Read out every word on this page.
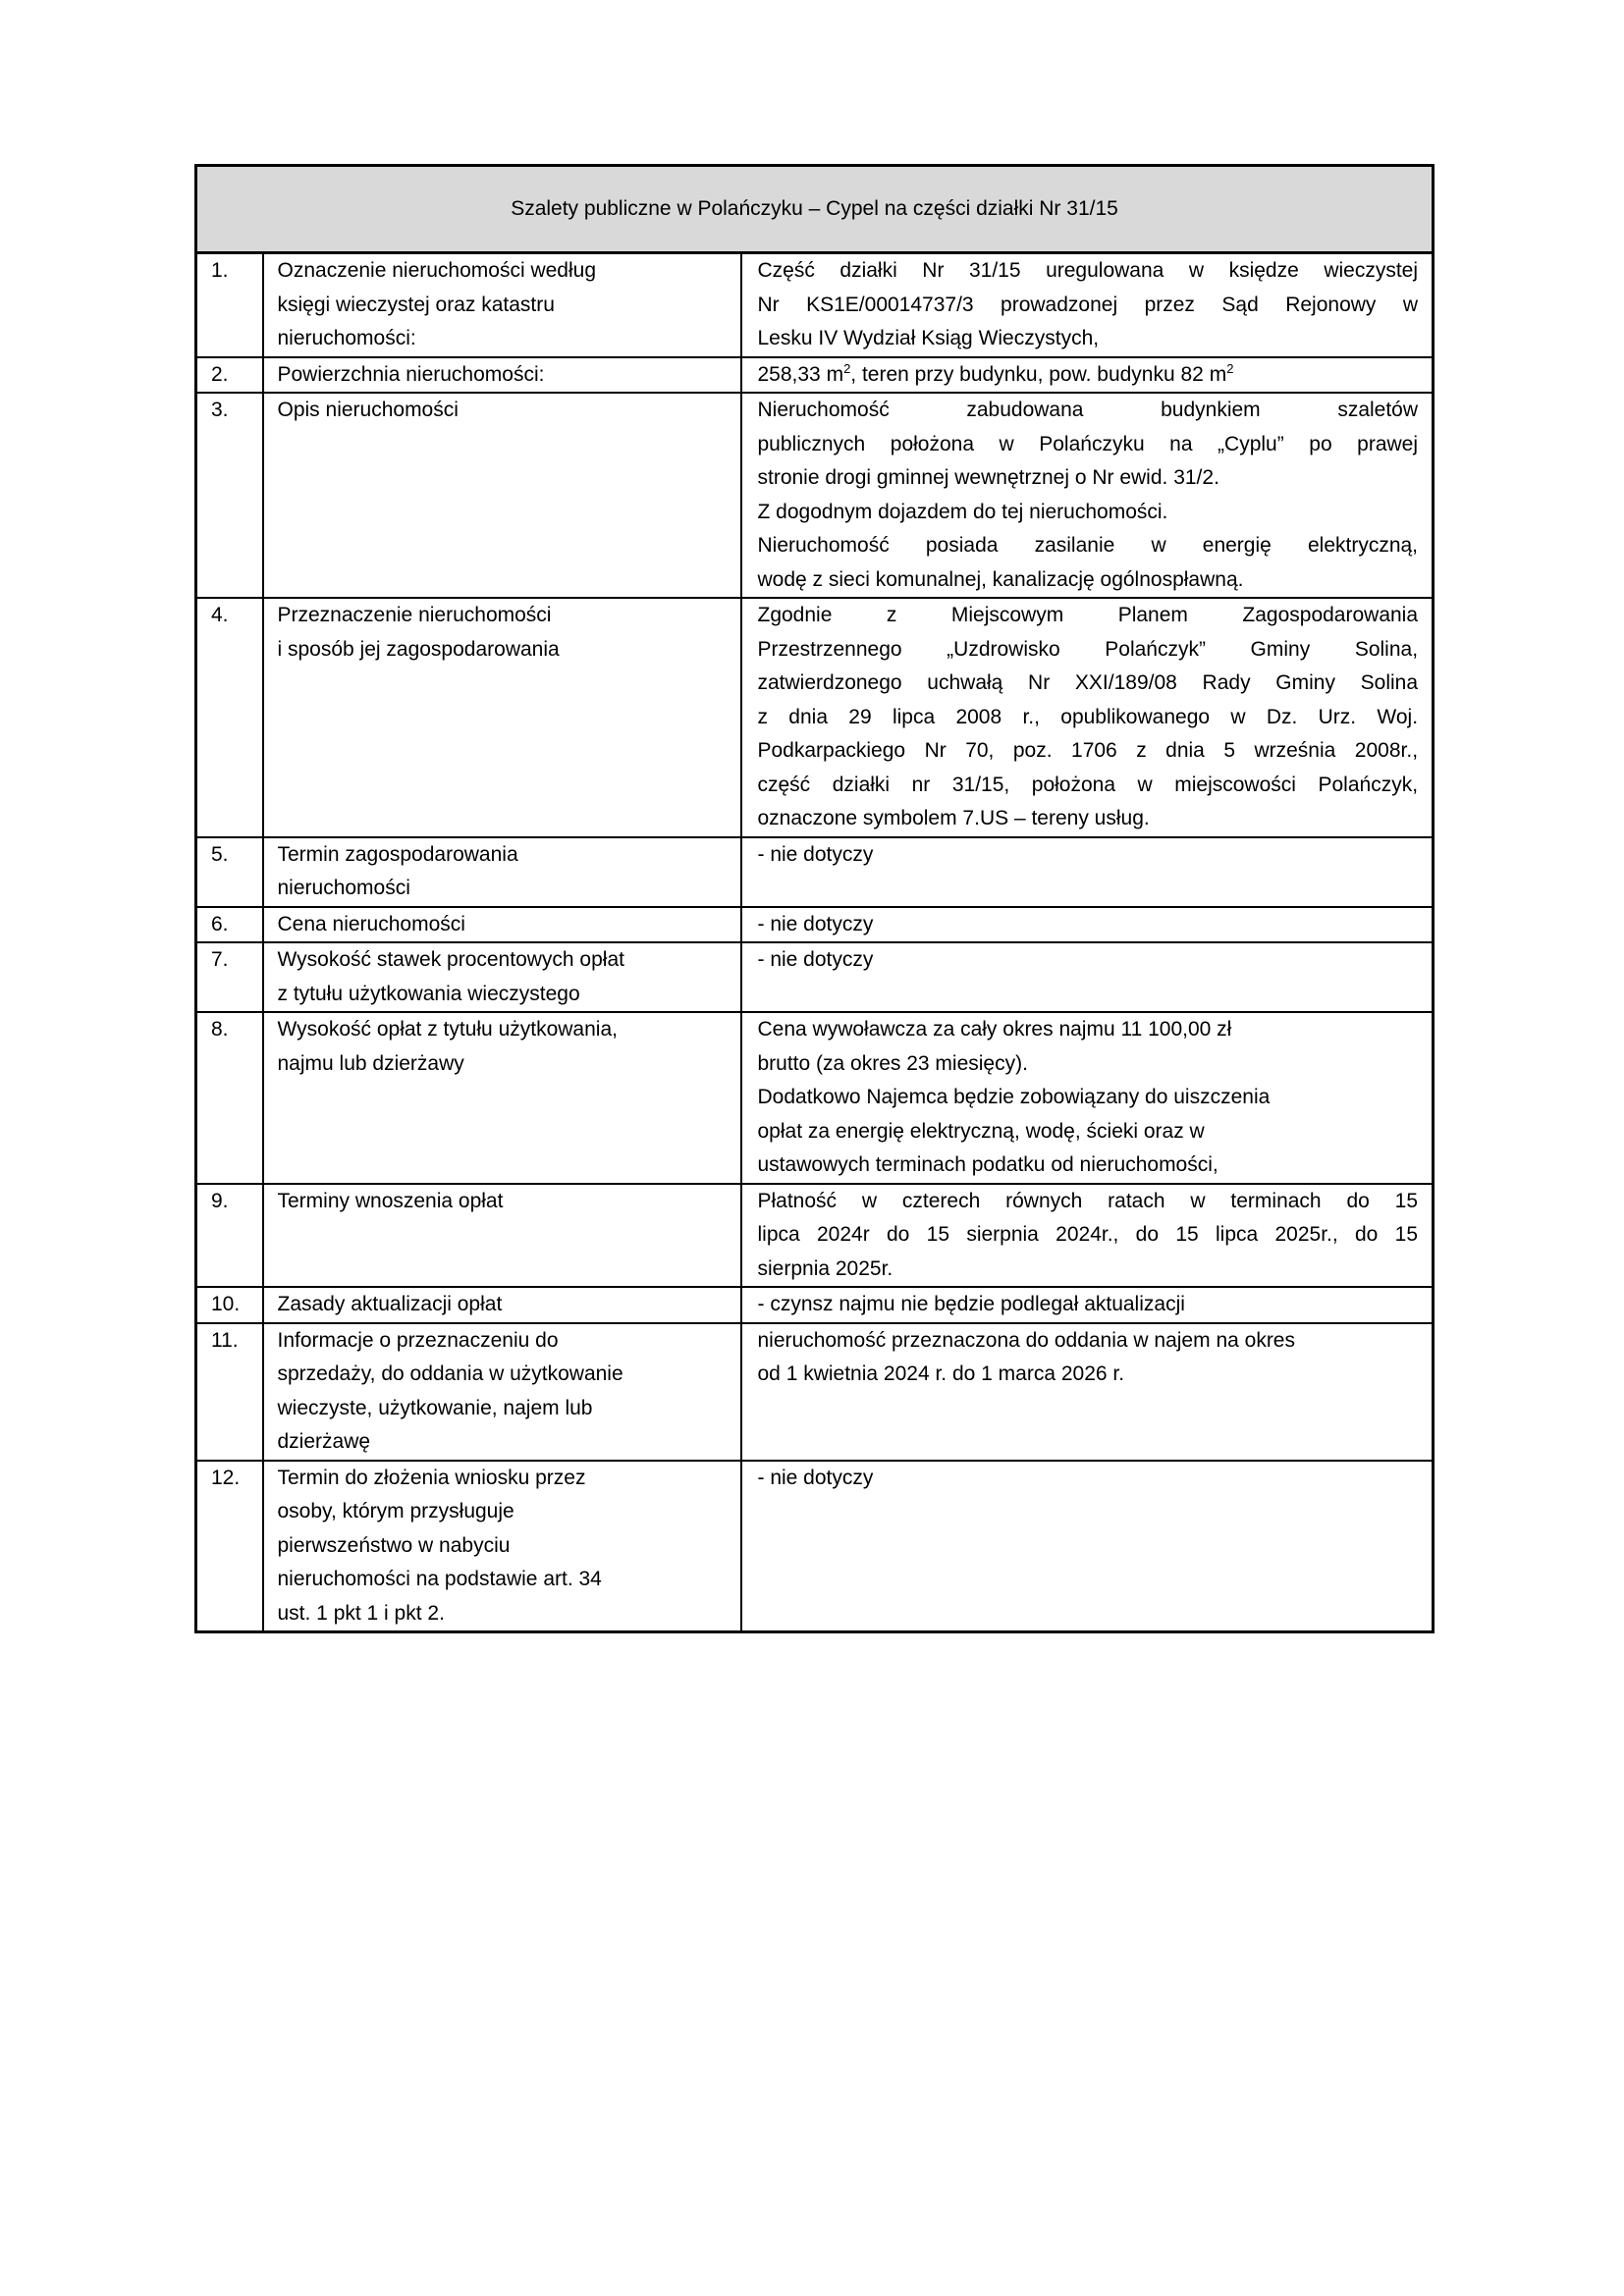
Szalety publiczne w Polańczyku – Cypel na części działki Nr 31/15		
1.	Oznaczenie nieruchomości według
księgi wieczystej oraz katastru
nieruchomości:	Część działki Nr 31/15 uregulowana w księdze wieczystej
Nr KS1E/00014737/3 prowadzonej przez Sąd Rejonowy w
Lesku IV Wydział Ksiąg Wieczystych,

2.	Powierzchnia nieruchomości:	258,33 $m^2$, teren przy budynku, pow. budynku 82 $m^2$
3.	Opis nieruchomości	Nieruchomość zabudowana budynkiem szaletów
publicznych położona w Polańczyku na „Cyplu” po prawej
stronie drogi gminnej wewnętrznej o Nr ewid. 31/2.
Z dogodnym dojazdem do tej nieruchomości.
Nieruchomość posiada zasilanie w energię elektryczną,
wodę z sieci komunalnej, kanalizację ogólnospławną.

4.	Przeznaczenie nieruchomości
i sposób jej zagospodarowania

Zgodnie z Miejscowym Planem Zagospodarowania
Przestrzennego „Uzdrowisko Polańczyk” Gminy Solina,
zatwierdzonego uchwałą Nr XXI/189/08 Rady Gminy Solina
z dnia 29 lipca 2008 r., opublikowanego w Dz. Urz. Woj.
Podkarpackiego Nr 70, poz. 1706 z dnia 5 września 2008r.,
część działki nr 31/15, położona w miejscowości Polańczyk,
oznaczone symbolem 7.US – tereny usług.

5.	Termin zagospodarowania
nieruchomości	- nie dotyczy
6.	Cena nieruchomości	- nie dotyczy
7.	Wysokość stawek procentowych opłat
z tytułu użytkowania wieczystego	- nie dotyczy
8.	Wysokość opłat z tytułu użytkowania,
najmu lub dzierżawy	Cena wywoławcza za cały okres najmu 11 100,00 zł
brutto (za okres 23 miesięcy).
Dodatkowo Najemca będzie zobowiązany do uiszczenia
opłat za energię elektryczną, wodę, ścieki oraz w
ustawowych terminach podatku od nieruchomości,

9.	Terminy wnoszenia opłat	Płatność w czterech równych ratach w terminach do 15
lipca 2024r do 15 sierpnia 2024r., do 15 lipca 2025r., do 15
sierpnia 2025r.

10.	Zasady aktualizacji opłat	- czynsz najmu nie będzie podlegał aktualizacji
11.	Informacje o przeznaczeniu do
sprzedaży, do oddania w użytkowanie
wieczyste, użytkowanie, najem lub
dzierżawę	nieruchomość przeznaczona do oddania w najem na okres
od 1 kwietnia 2024 r. do 1 marca 2026 r.

12.	Termin do złożenia wniosku przez
osoby, którym przysługuje
pierwszeństwo w nabyciu
nieruchomości na podstawie art. 34
ust. 1 pkt 1 i pkt 2.	- nie dotyczy
